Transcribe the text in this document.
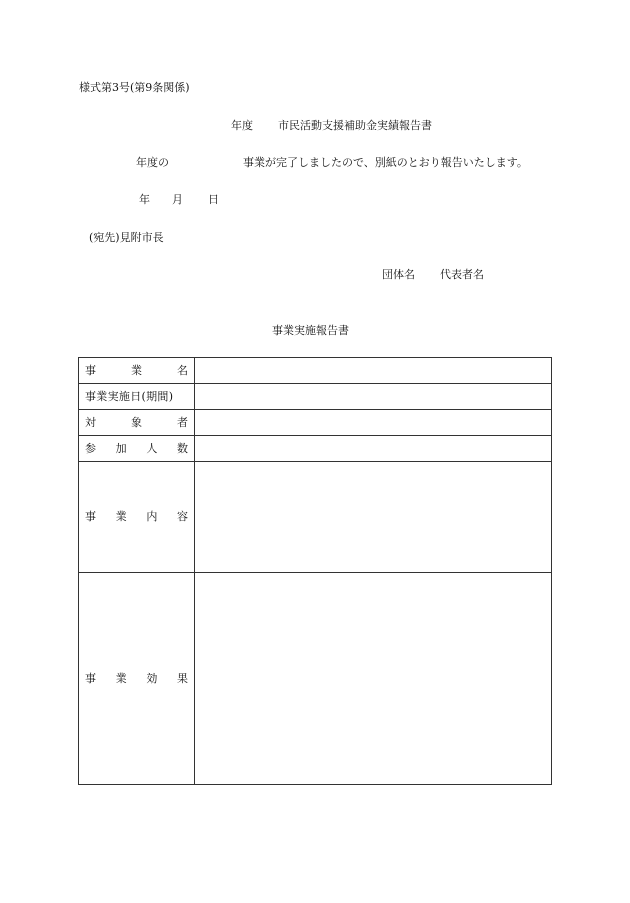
様式第3号(第9条関係)
年度 市民活動支援補助金実績報告書
年度の	事業が完了しましたので、別紙のとおり報告いたします。
年 月 日
(宛先)見附市長
団体名 代表者名
事業実施報告書
事 業 名	

事業実施日(期間)	

対 象 者	

参 加 人 数	

事 業 内 容	

事 業 効 果	
